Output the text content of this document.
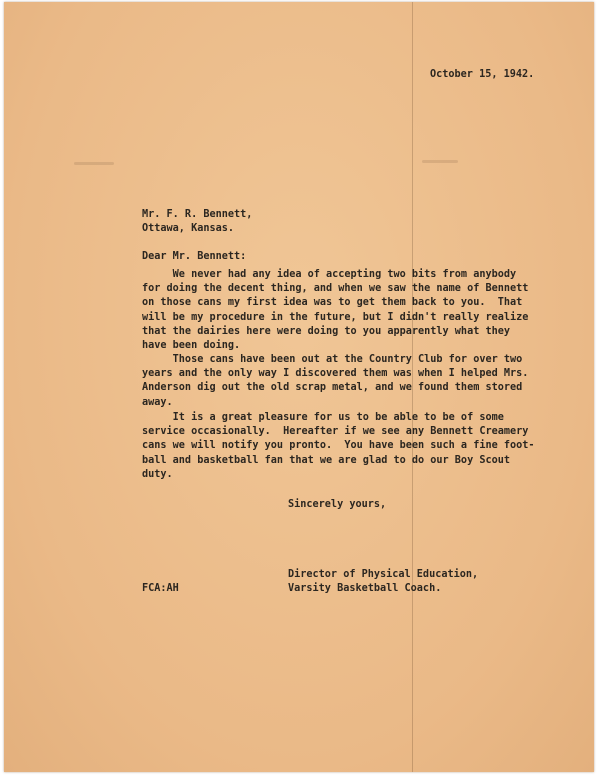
October 15, 1942.
Mr. F. R. Bennett,
Ottawa, Kansas.
Dear Mr. Bennett:
We never had any idea of accepting two bits from anybody
for doing the decent thing, and when we saw the name of Bennett
on those cans my first idea was to get them back to you.  That
will be my procedure in the future, but I didn't really realize
that the dairies here were doing to you apparently what they
have been doing.
Those cans have been out at the Country Club for over two
years and the only way I discovered them was when I helped Mrs.
Anderson dig out the old scrap metal, and we found them stored
away.
It is a great pleasure for us to be able to be of some
service occasionally.  Hereafter if we see any Bennett Creamery
cans we will notify you pronto.  You have been such a fine foot-
ball and basketball fan that we are glad to do our Boy Scout
duty.
Sincerely yours,
Director of Physical Education,
Varsity Basketball Coach.
FCA:AH
